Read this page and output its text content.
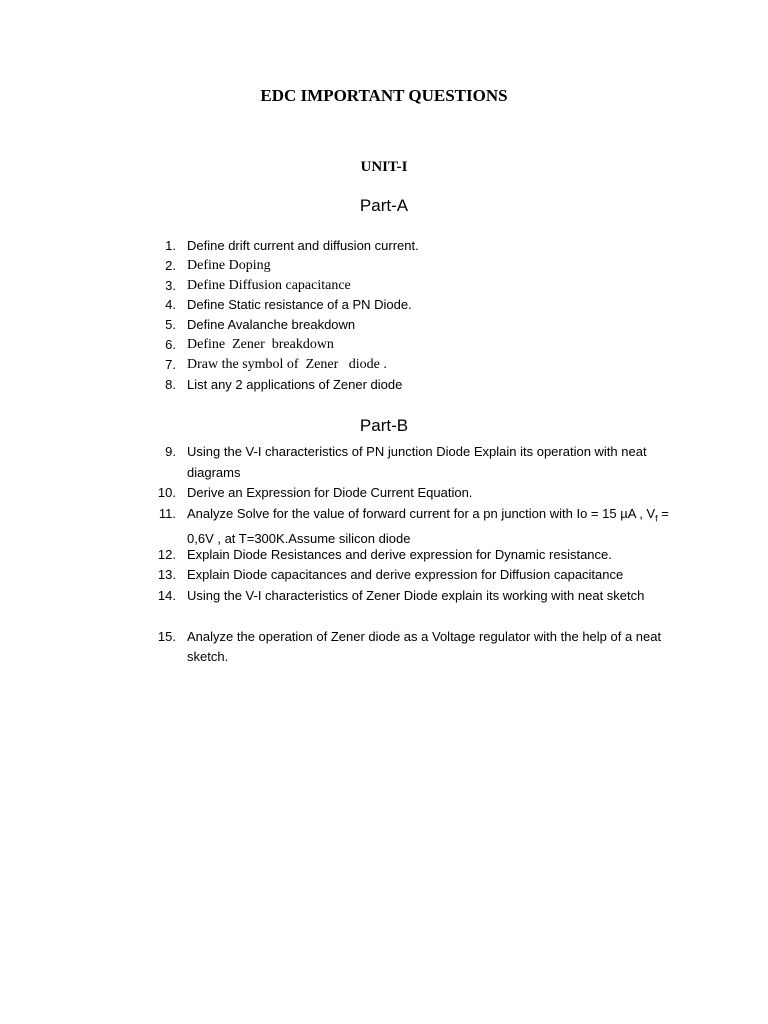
EDC IMPORTANT QUESTIONS
UNIT-I
Part-A
1. Define drift current and diffusion current.
2. Define Doping
3. Define Diffusion capacitance
4. Define Static resistance of a PN Diode.
5. Define Avalanche breakdown
6. Define  Zener  breakdown
7. Draw the symbol of  Zener   diode .
8. List any 2 applications of Zener diode
Part-B
9. Using the V-I characteristics of PN junction Diode Explain its operation with neat diagrams
10. Derive an Expression for Diode Current Equation.
11. Analyze Solve for the value of forward current for a pn junction with Io = 15 µA , $V_f = 0,6V$ , at T=300K.Assume silicon diode
12. Explain Diode Resistances and derive expression for Dynamic resistance.
13. Explain Diode capacitances and derive expression for Diffusion capacitance
14. Using the V-I characteristics of Zener Diode explain its working with neat sketch
15. Analyze the operation of Zener diode as a Voltage regulator with the help of a neat sketch.
